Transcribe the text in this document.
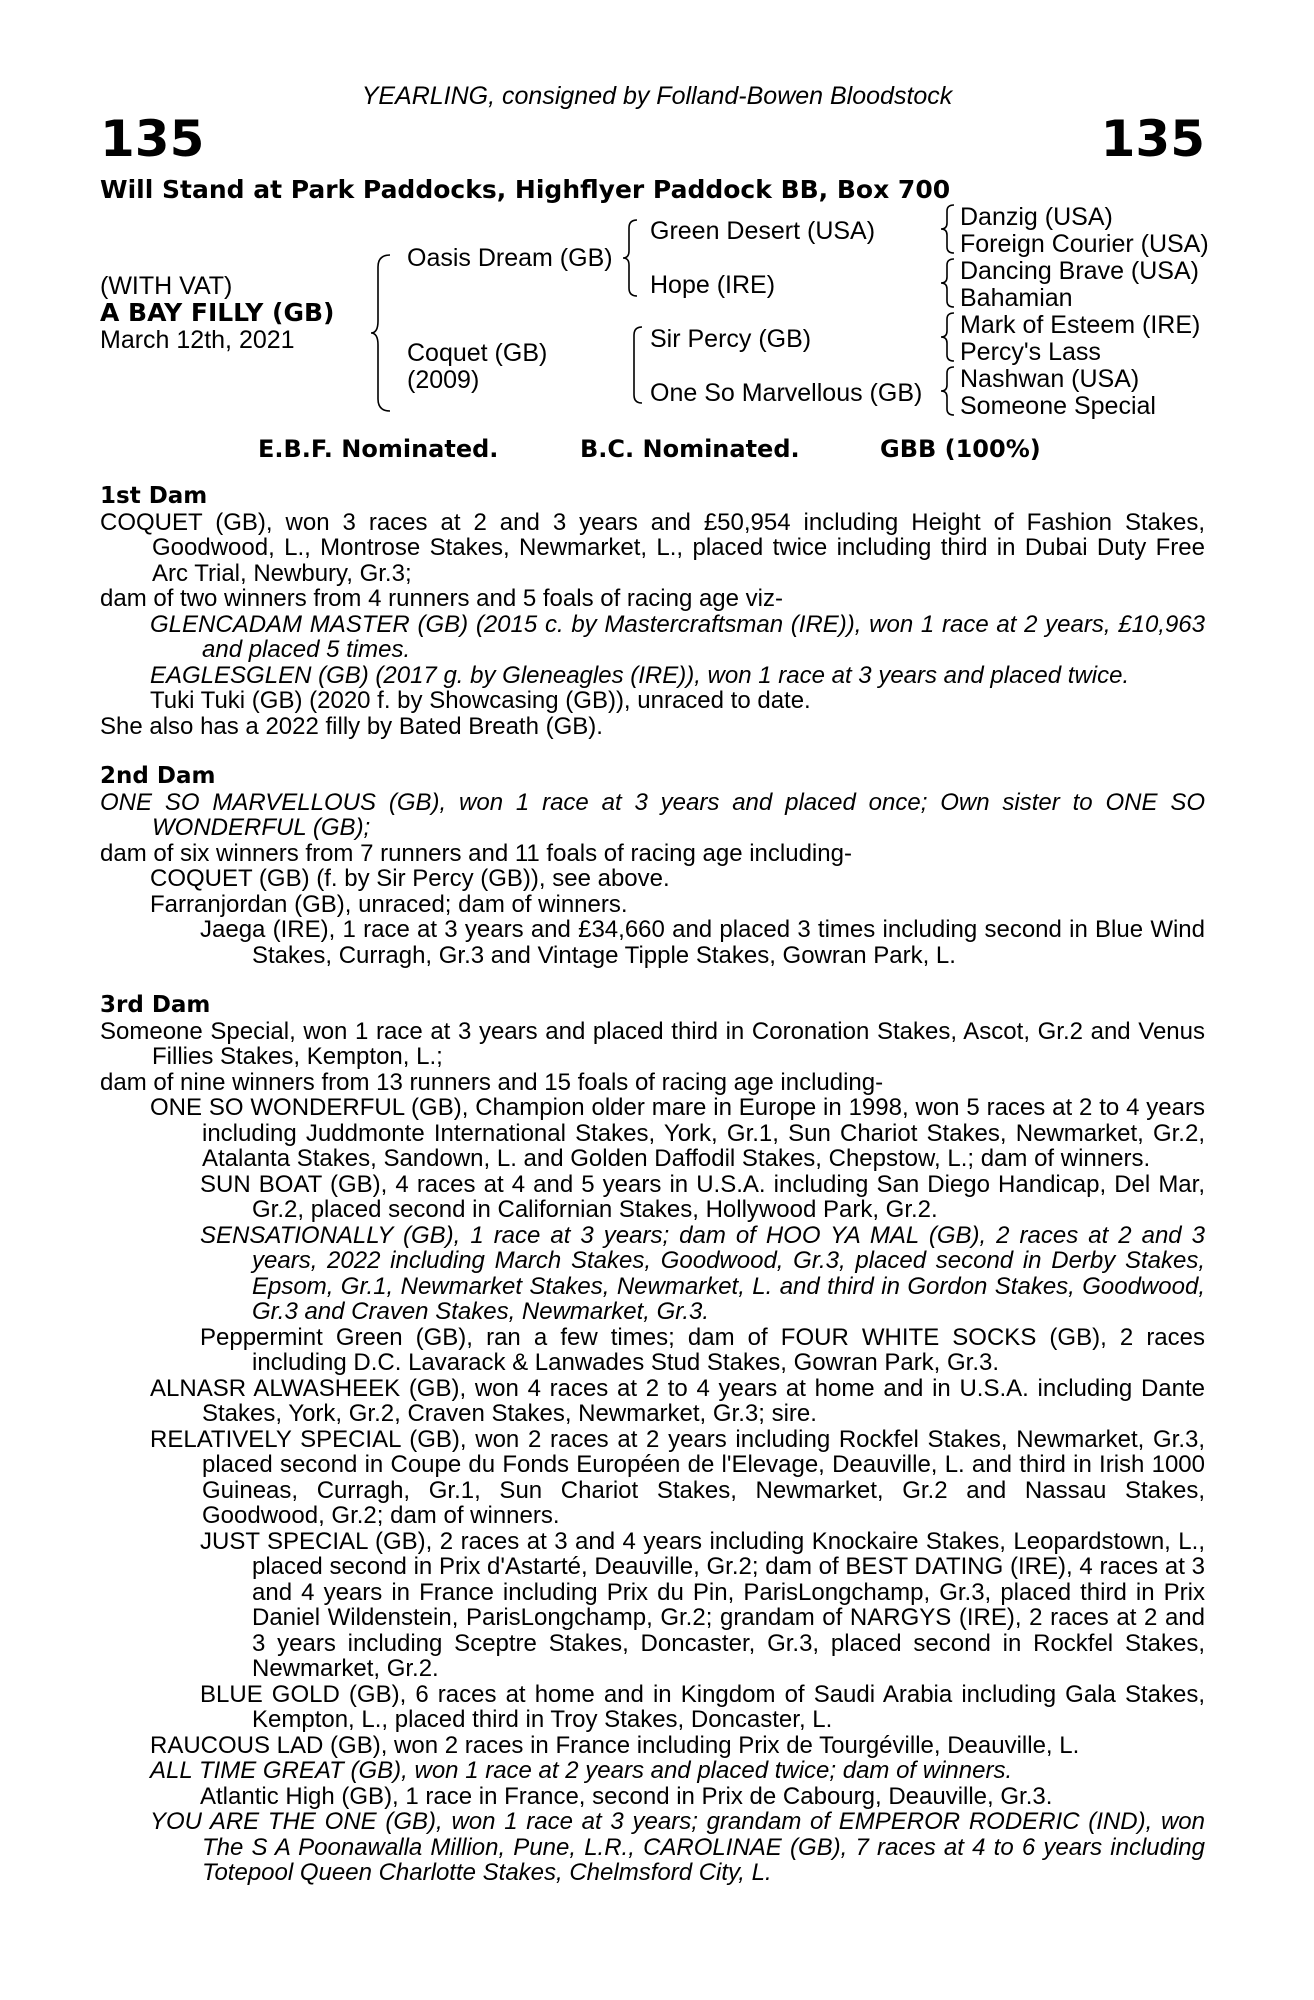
YEARLING, consigned by Folland-Bowen Bloodstock
135	135
Will Stand at Park Paddocks, Highflyer Paddock BB, Box 700
(WITH VAT)
A BAY FILLY (GB)
March 12th, 2021
Oasis Dream (GB)
Coquet (GB)
(2009)
Green Desert (USA)
Hope (IRE)
Sir Percy (GB)
One So Marvellous (GB)
Danzig (USA)
Foreign Courier (USA)
Dancing Brave (USA)
Bahamian
Mark of Esteem (IRE)
Percy's Lass
Nashwan (USA)
Someone Special
E.B.F. Nominated.	B.C. Nominated.	GBB (100%)
1st Dam

COQUET (GB), won 3 races at 2 and 3 years and £50,954 including Height of Fashion Stakes, Goodwood, L., Montrose Stakes, Newmarket, L., placed twice including third in Dubai Duty Free Arc Trial, Newbury, Gr.3;

dam of two winners from 4 runners and 5 foals of racing age viz-

GLENCADAM MASTER (GB) (2015 c. by Mastercraftsman (IRE)), won 1 race at 2 years, £10,963 and placed 5 times.

EAGLESGLEN (GB) (2017 g. by Gleneagles (IRE)), won 1 race at 3 years and placed twice.

Tuki Tuki (GB) (2020 f. by Showcasing (GB)), unraced to date.

She also has a 2022 filly by Bated Breath (GB).

2nd Dam

ONE SO MARVELLOUS (GB), won 1 race at 3 years and placed once; Own sister to ONE SO WONDERFUL (GB);

dam of six winners from 7 runners and 11 foals of racing age including-

COQUET (GB) (f. by Sir Percy (GB)), see above.

Farranjordan (GB), unraced; dam of winners.

Jaega (IRE), 1 race at 3 years and £34,660 and placed 3 times including second in Blue Wind Stakes, Curragh, Gr.3 and Vintage Tipple Stakes, Gowran Park, L.

3rd Dam

Someone Special, won 1 race at 3 years and placed third in Coronation Stakes, Ascot, Gr.2 and Venus Fillies Stakes, Kempton, L.;

dam of nine winners from 13 runners and 15 foals of racing age including-

ONE SO WONDERFUL (GB), Champion older mare in Europe in 1998, won 5 races at 2 to 4 years including Juddmonte International Stakes, York, Gr.1, Sun Chariot Stakes, Newmarket, Gr.2, Atalanta Stakes, Sandown, L. and Golden Daffodil Stakes, Chepstow, L.; dam of winners.

SUN BOAT (GB), 4 races at 4 and 5 years in U.S.A. including San Diego Handicap, Del Mar, Gr.2, placed second in Californian Stakes, Hollywood Park, Gr.2.

SENSATIONALLY (GB), 1 race at 3 years; dam of HOO YA MAL (GB), 2 races at 2 and 3 years, 2022 including March Stakes, Goodwood, Gr.3, placed second in Derby Stakes, Epsom, Gr.1, Newmarket Stakes, Newmarket, L. and third in Gordon Stakes, Goodwood, Gr.3 and Craven Stakes, Newmarket, Gr.3.

Peppermint Green (GB), ran a few times; dam of FOUR WHITE SOCKS (GB), 2 races including D.C. Lavarack & Lanwades Stud Stakes, Gowran Park, Gr.3.

ALNASR ALWASHEEK (GB), won 4 races at 2 to 4 years at home and in U.S.A. including Dante Stakes, York, Gr.2, Craven Stakes, Newmarket, Gr.3; sire.

RELATIVELY SPECIAL (GB), won 2 races at 2 years including Rockfel Stakes, Newmarket, Gr.3, placed second in Coupe du Fonds Européen de l'Elevage, Deauville, L. and third in Irish 1000 Guineas, Curragh, Gr.1, Sun Chariot Stakes, Newmarket, Gr.2 and Nassau Stakes, Goodwood, Gr.2; dam of winners.

JUST SPECIAL (GB), 2 races at 3 and 4 years including Knockaire Stakes, Leopardstown, L., placed second in Prix d'Astarté, Deauville, Gr.2; dam of BEST DATING (IRE), 4 races at 3 and 4 years in France including Prix du Pin, ParisLongchamp, Gr.3, placed third in Prix Daniel Wildenstein, ParisLongchamp, Gr.2; grandam of NARGYS (IRE), 2 races at 2 and 3 years including Sceptre Stakes, Doncaster, Gr.3, placed second in Rockfel Stakes, Newmarket, Gr.2.

BLUE GOLD (GB), 6 races at home and in Kingdom of Saudi Arabia including Gala Stakes, Kempton, L., placed third in Troy Stakes, Doncaster, L.

RAUCOUS LAD (GB), won 2 races in France including Prix de Tourgéville, Deauville, L.

ALL TIME GREAT (GB), won 1 race at 2 years and placed twice; dam of winners.

Atlantic High (GB), 1 race in France, second in Prix de Cabourg, Deauville, Gr.3.

YOU ARE THE ONE (GB), won 1 race at 3 years; grandam of EMPEROR RODERIC (IND), won The S A Poonawalla Million, Pune, L.R., CAROLINAE (GB), 7 races at 4 to 6 years including Totepool Queen Charlotte Stakes, Chelmsford City, L.
